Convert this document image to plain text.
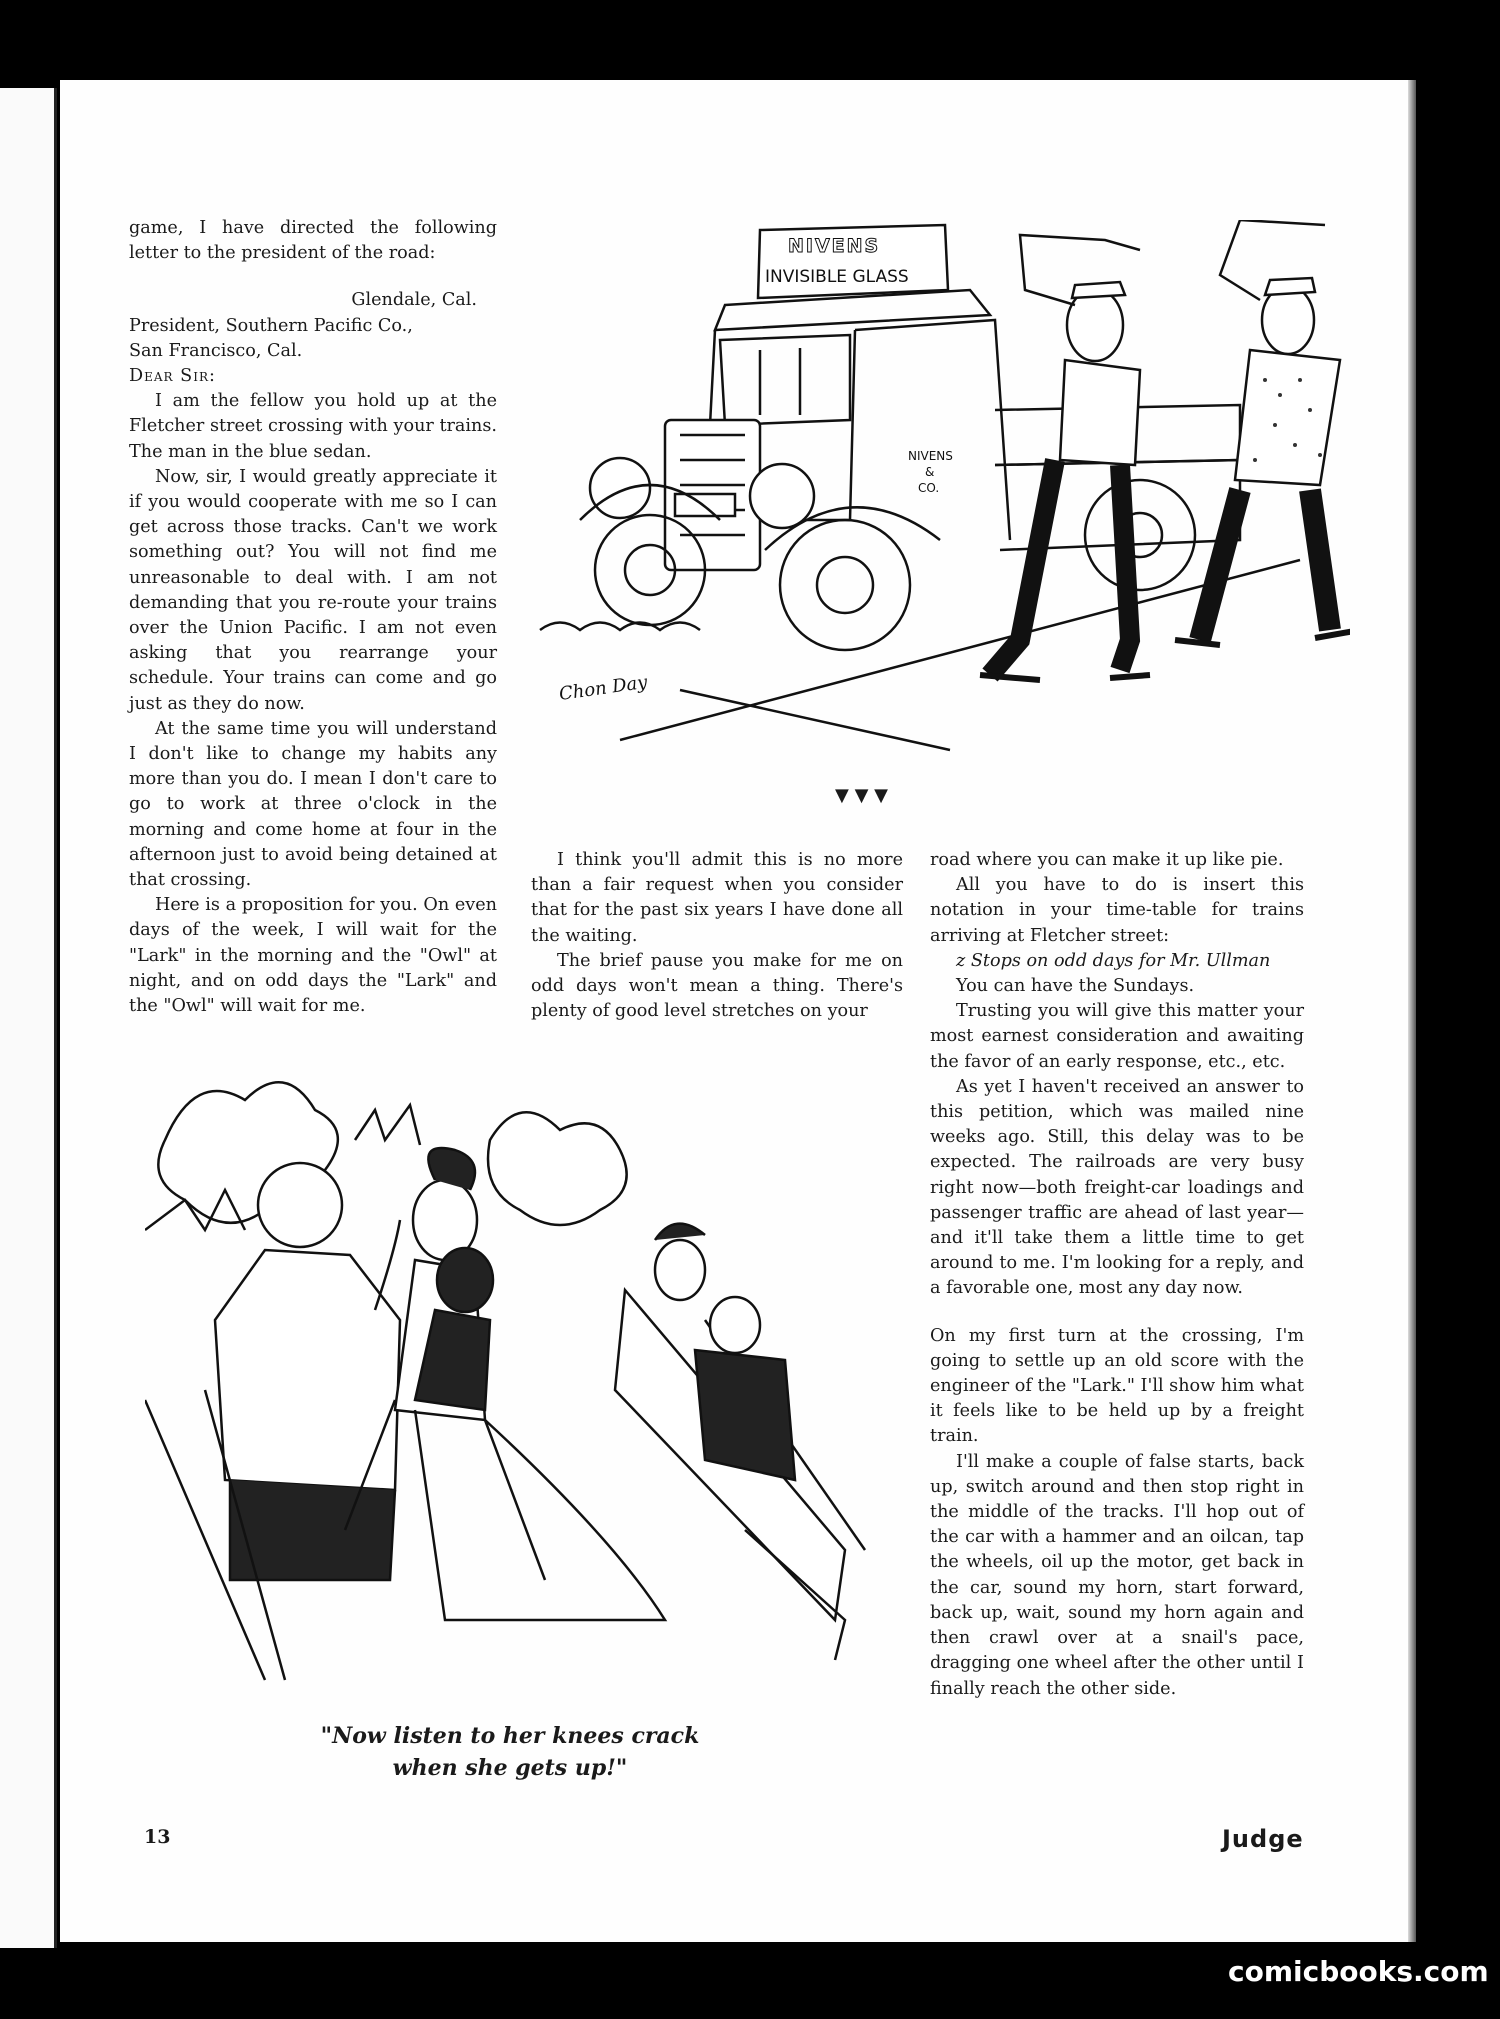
game, I have directed the following letter to the president of the road:

Glendale, Cal.

President, Southern Pacific Co.,

San Francisco, Cal.

Dear Sir:

I am the fellow you hold up at the Fletcher street crossing with your trains. The man in the blue sedan.

Now, sir, I would greatly appreciate it if you would cooperate with me so I can get across those tracks. Can't we work something out? You will not find me unreasonable to deal with. I am not demanding that you re-route your trains over the Union Pacific. I am not even asking that you rearrange your schedule. Your trains can come and go just as they do now.

At the same time you will understand I don't like to change my habits any more than you do. I mean I don't care to go to work at three o'clock in the morning and come home at four in the afternoon just to avoid being detained at that crossing.

Here is a proposition for you. On even days of the week, I will wait for the "Lark" in the morning and the "Owl" at night, and on odd days the "Lark" and the "Owl" will wait for me.

I think you'll admit this is no more than a fair request when you consider that for the past six years I have done all the waiting.

The brief pause you make for me on odd days won't mean a thing. There's plenty of good level stretches on your

road where you can make it up like pie.

All you have to do is insert this notation in your time-table for trains arriving at Fletcher street:

z Stops on odd days for Mr. Ullman

You can have the Sundays.

Trusting you will give this matter your most earnest consideration and awaiting the favor of an early response, etc., etc.

As yet I haven't received an answer to this petition, which was mailed nine weeks ago. Still, this delay was to be expected. The railroads are very busy right now—both freight-car loadings and passenger traffic are ahead of last year—and it'll take them a little time to get around to me. I'm looking for a reply, and a favorable one, most any day now.

On my first turn at the crossing, I'm going to settle up an old score with the engineer of the "Lark." I'll show him what it feels like to be held up by a freight train.

I'll make a couple of false starts, back up, switch around and then stop right in the middle of the tracks. I'll hop out of the car with a hammer and an oilcan, tap the wheels, oil up the motor, get back in the car, sound my horn, start forward, back up, wait, sound my horn again and then crawl over at a snail's pace, dragging one wheel after the other until I finally reach the other side.

▼ ▼ ▼
NIVENS
INVISIBLE GLASS
NIVENS
&
CO.
Chon Day
"Now listen to her knees crack
when she gets up!"
13	Judge
comicbooks.com
